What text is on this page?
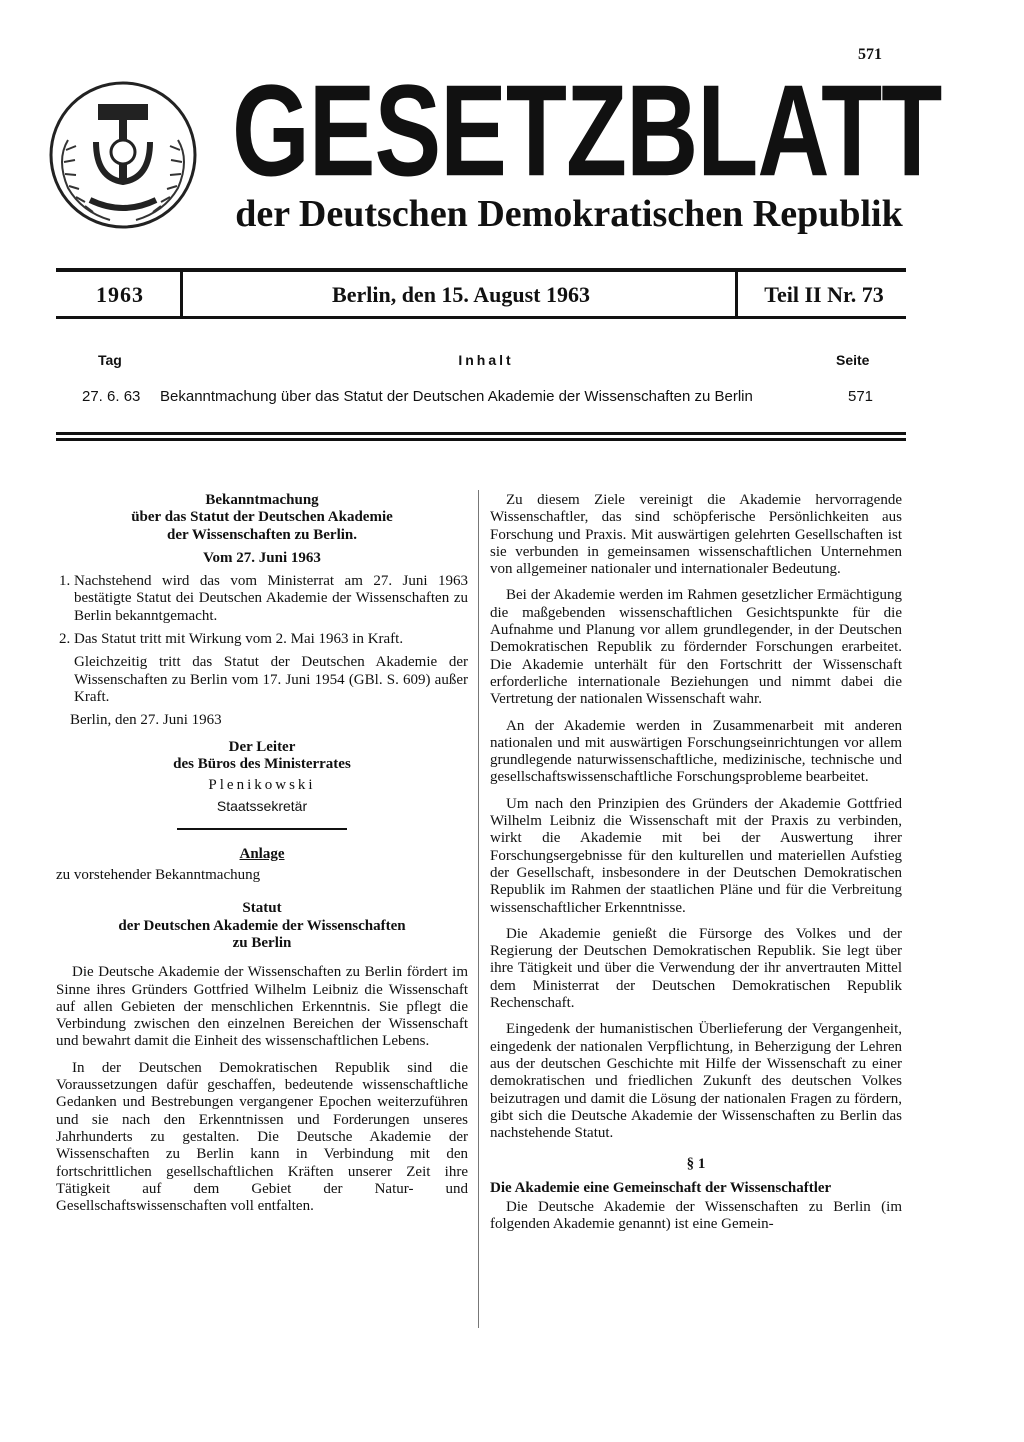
571
GESETZBLATT
der Deutschen Demokratischen Republik
1963	Berlin, den 15. August 1963	Teil II Nr. 73
Tag	Inhalt	Seite
27. 6. 63 Bekanntmachung über das Statut der Deutschen Akademie der Wissenschaften zu Berlin	571
Bekanntmachung
über das Statut der Deutschen Akademie
der Wissenschaften zu Berlin.
Vom 27. Juni 1963
1. Nachstehend wird das vom Ministerrat am 27. Juni 1963 bestätigte Statut dei Deutschen Akademie der Wissenschaften zu Berlin bekanntgemacht.
2. Das Statut tritt mit Wirkung vom 2. Mai 1963 in Kraft.

Gleichzeitig tritt das Statut der Deutschen Akademie der Wissenschaften zu Berlin vom 17. Juni 1954 (GBl. S. 609) außer Kraft.

Berlin, den 27. Juni 1963

Der Leiter
des Büros des Ministerrates
Plenikowski
Staatssekretär
Anlage

zu vorstehender Bekanntmachung

Statut
der Deutschen Akademie der Wissenschaften
zu Berlin

Die Deutsche Akademie der Wissenschaften zu Berlin fördert im Sinne ihres Gründers Gottfried Wilhelm Leibniz die Wissenschaft auf allen Gebieten der menschlichen Erkenntnis. Sie pflegt die Verbindung zwischen den einzelnen Bereichen der Wissenschaft und bewahrt damit die Einheit des wissenschaftlichen Lebens.

In der Deutschen Demokratischen Republik sind die Voraussetzungen dafür geschaffen, bedeutende wissenschaftliche Gedanken und Bestrebungen vergangener Epochen weiterzuführen und sie nach den Erkenntnissen und Forderungen unseres Jahrhunderts zu gestalten. Die Deutsche Akademie der Wissenschaften zu Berlin kann in Verbindung mit den fortschrittlichen gesellschaftlichen Kräften unserer Zeit ihre Tätigkeit auf dem Gebiet der Natur- und Gesellschaftswissenschaften voll entfalten.

Zu diesem Ziele vereinigt die Akademie hervorragende Wissenschaftler, das sind schöpferische Persönlichkeiten aus Forschung und Praxis. Mit auswärtigen gelehrten Gesellschaften ist sie verbunden in gemeinsamen wissenschaftlichen Unternehmen von allgemeiner nationaler und internationaler Bedeutung.

Bei der Akademie werden im Rahmen gesetzlicher Ermächtigung die maßgebenden wissenschaftlichen Gesichtspunkte für die Aufnahme und Planung vor allem grundlegender, in der Deutschen Demokratischen Republik zu fördernder Forschungen erarbeitet. Die Akademie unterhält für den Fortschritt der Wissenschaft erforderliche internationale Beziehungen und nimmt dabei die Vertretung der nationalen Wissenschaft wahr.

An der Akademie werden in Zusammenarbeit mit anderen nationalen und mit auswärtigen Forschungseinrichtungen vor allem grundlegende naturwissenschaftliche, medizinische, technische und gesellschaftswissenschaftliche Forschungsprobleme bearbeitet.

Um nach den Prinzipien des Gründers der Akademie Gottfried Wilhelm Leibniz die Wissenschaft mit der Praxis zu verbinden, wirkt die Akademie mit bei der Auswertung ihrer Forschungsergebnisse für den kulturellen und materiellen Aufstieg der Gesellschaft, insbesondere in der Deutschen Demokratischen Republik im Rahmen der staatlichen Pläne und für die Verbreitung wissenschaftlicher Erkenntnisse.

Die Akademie genießt die Fürsorge des Volkes und der Regierung der Deutschen Demokratischen Republik. Sie legt über ihre Tätigkeit und über die Verwendung der ihr anvertrauten Mittel dem Ministerrat der Deutschen Demokratischen Republik Rechenschaft.

Eingedenk der humanistischen Überlieferung der Vergangenheit, eingedenk der nationalen Verpflichtung, in Beherzigung der Lehren aus der deutschen Geschichte mit Hilfe der Wissenschaft zu einer demokratischen und friedlichen Zukunft des deutschen Volkes beizutragen und damit die Lösung der nationalen Fragen zu fördern, gibt sich die Deutsche Akademie der Wissenschaften zu Berlin das nachstehende Statut.

§ 1
Die Akademie eine Gemeinschaft der Wissenschaftler

Die Deutsche Akademie der Wissenschaften zu Berlin (im folgenden Akademie genannt) ist eine Gemein-
